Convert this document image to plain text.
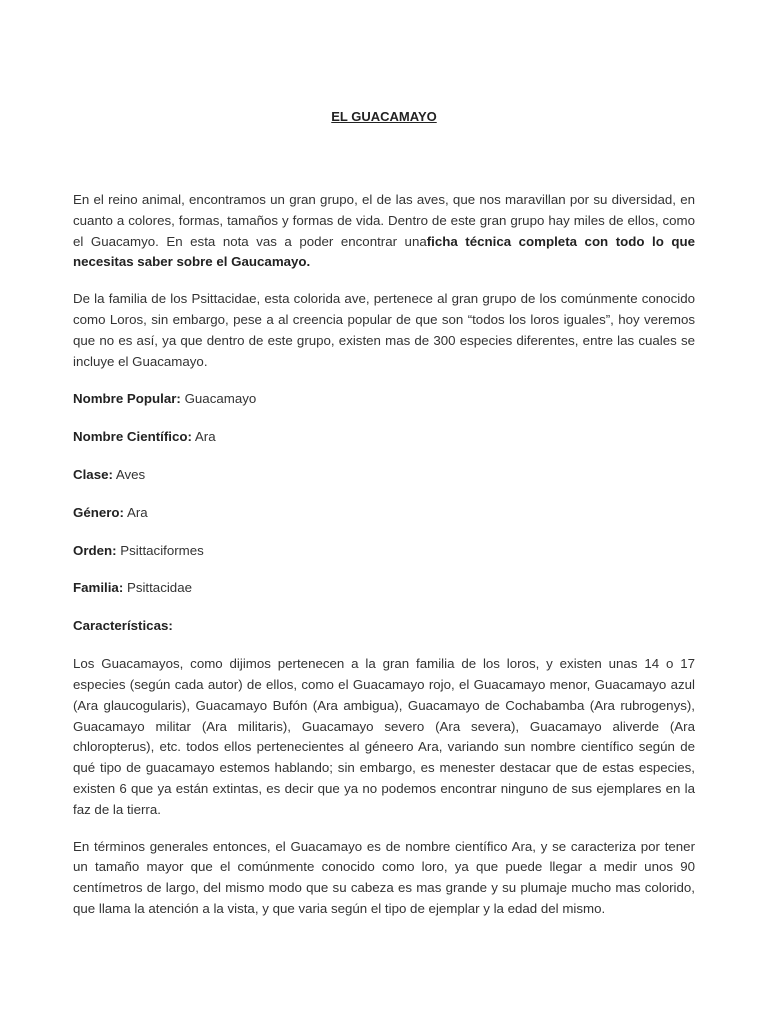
EL GUACAMAYO

En el reino animal, encontramos un gran grupo, el de las aves, que nos maravillan por su diversidad, en cuanto a colores, formas, tamaños y formas de vida. Dentro de este gran grupo hay miles de ellos, como el Guacamyo. En esta nota vas a poder encontrar unaficha técnica completa con todo lo que necesitas saber sobre el Gaucamayo.

De la familia de los Psittacidae, esta colorida ave, pertenece al gran grupo de los comúnmente conocido como Loros, sin embargo, pese a al creencia popular de que son “todos los loros iguales”, hoy veremos que no es así, ya que dentro de este grupo, existen mas de 300 especies diferentes, entre las cuales se incluye el Guacamayo.

Nombre Popular: Guacamayo

Nombre Científico: Ara

Clase: Aves

Género: Ara

Orden: Psittaciformes

Familia: Psittacidae

Características:

Los Guacamayos, como dijimos pertenecen a la gran familia de los loros, y existen unas 14 o 17 especies (según cada autor) de ellos, como el Guacamayo rojo, el Guacamayo menor, Guacamayo azul (Ara glaucogularis), Guacamayo Bufón (Ara ambigua), Guacamayo de Cochabamba (Ara rubrogenys), Guacamayo militar (Ara militaris), Guacamayo severo (Ara severa), Guacamayo aliverde (Ara chloropterus), etc. todos ellos pertenecientes al géneero Ara, variando sun nombre científico según de qué tipo de guacamayo estemos hablando; sin embargo, es menester destacar que de estas especies, existen 6 que ya están extintas, es decir que ya no podemos encontrar ninguno de sus ejemplares en la faz de la tierra.

En términos generales entonces, el Guacamayo es de nombre científico Ara, y se caracteriza por tener un tamaño mayor que el comúnmente conocido como loro, ya que puede llegar a medir unos 90 centímetros de largo, del mismo modo que su cabeza es mas grande y su plumaje mucho mas colorido, que llama la atención a la vista, y que varia según el tipo de ejemplar y la edad del mismo.
